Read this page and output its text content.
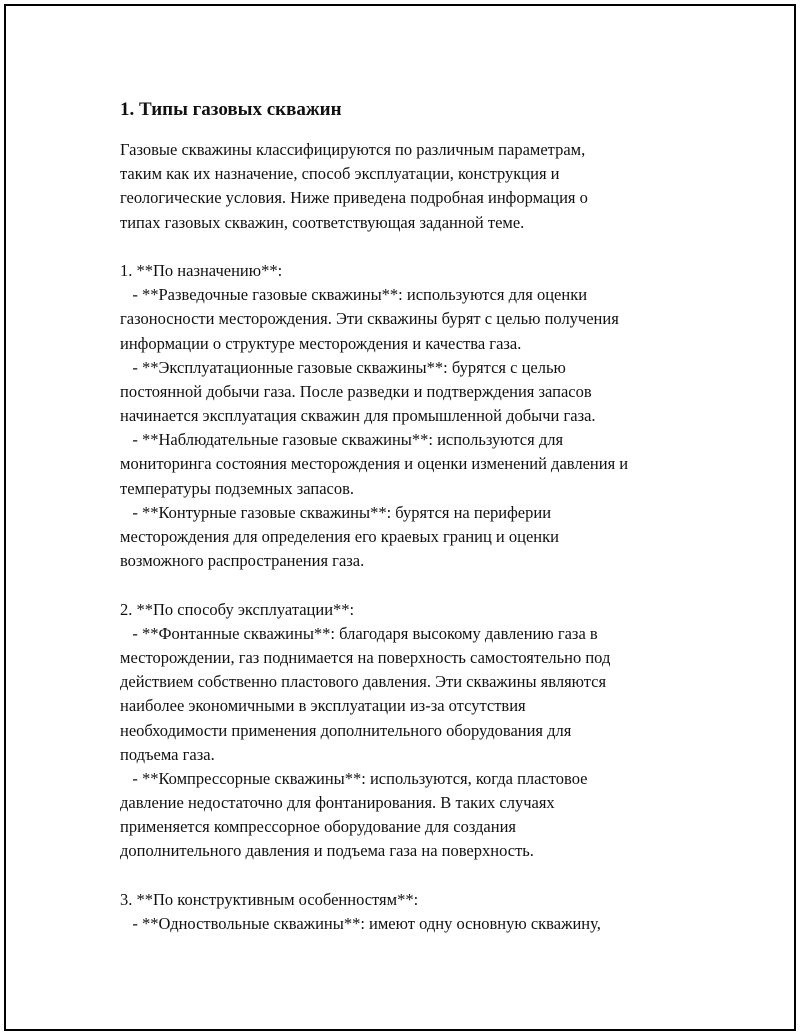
1. Типы газовых скважин
Газовые скважины классифицируются по различным параметрам,
таким как их назначение, способ эксплуатации, конструкция и
геологические условия. Ниже приведена подробная информация о
типах газовых скважин, соответствующая заданной теме.
1. **По назначению**:
- **Разведочные газовые скважины**: используются для оценки
газоносности месторождения. Эти скважины бурят с целью получения
информации о структуре месторождения и качества газа.
- **Эксплуатационные газовые скважины**: бурятся с целью
постоянной добычи газа. После разведки и подтверждения запасов
начинается эксплуатация скважин для промышленной добычи газа.
- **Наблюдательные газовые скважины**: используются для
мониторинга состояния месторождения и оценки изменений давления и
температуры подземных запасов.
- **Контурные газовые скважины**: бурятся на периферии
месторождения для определения его краевых границ и оценки
возможного распространения газа.
2. **По способу эксплуатации**:
- **Фонтанные скважины**: благодаря высокому давлению газа в
месторождении, газ поднимается на поверхность самостоятельно под
действием собственно пластового давления. Эти скважины являются
наиболее экономичными в эксплуатации из-за отсутствия
необходимости применения дополнительного оборудования для
подъема газа.
- **Компрессорные скважины**: используются, когда пластовое
давление недостаточно для фонтанирования. В таких случаях
применяется компрессорное оборудование для создания
дополнительного давления и подъема газа на поверхность.
3. **По конструктивным особенностям**:
- **Одноствольные скважины**: имеют одну основную скважину,
